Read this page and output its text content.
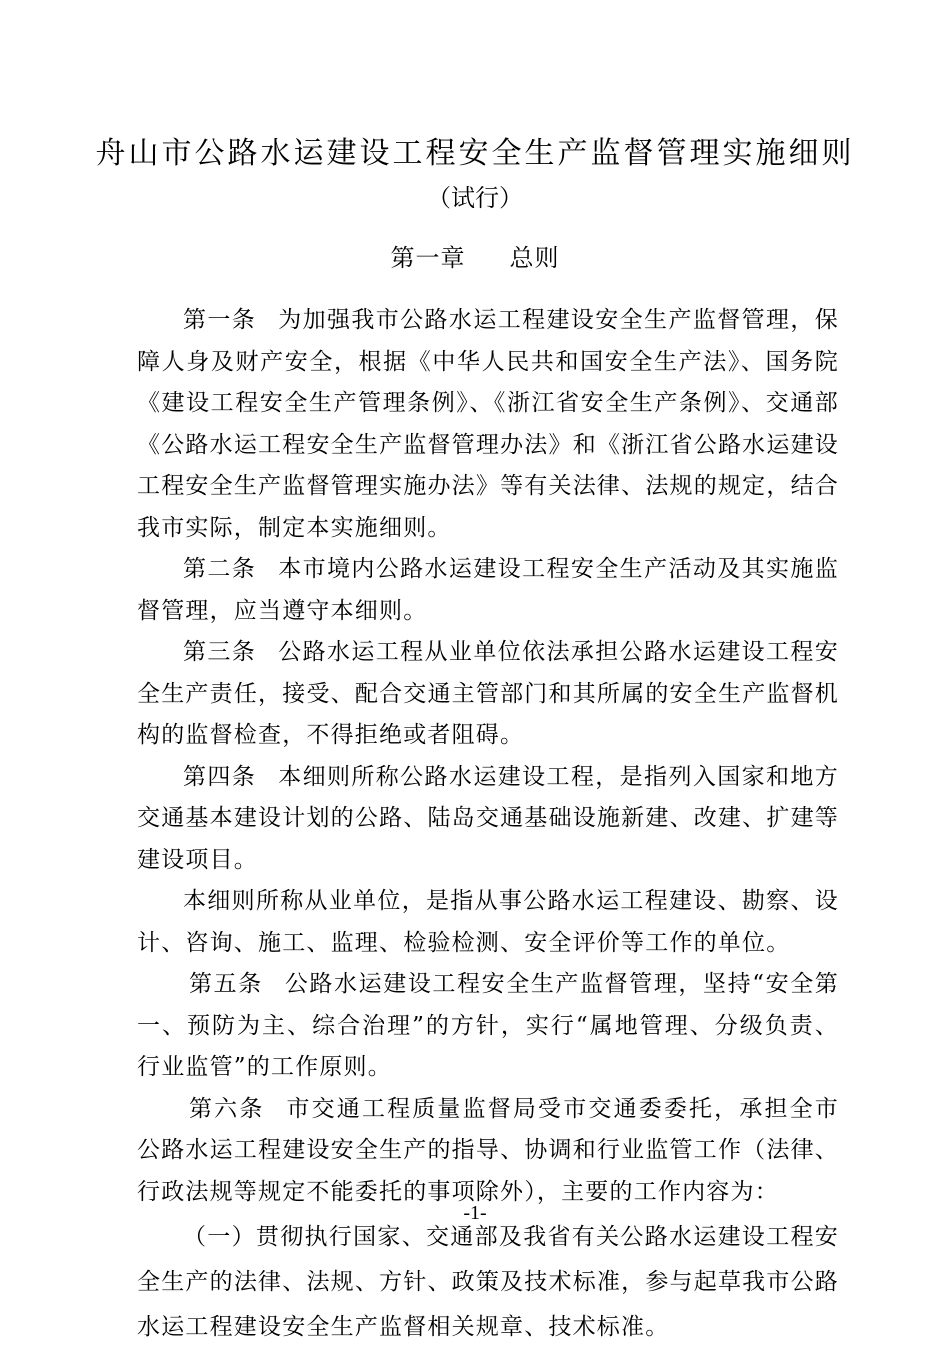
舟山市公路水运建设工程安全生产监督管理实施细则
（试行）
第一章 总则

第一条 为加强我市公路水运工程建设安全生产监督管理，保障人身及财产安全，根据《中华人民共和国安全生产法》、国务院《建设工程安全生产管理条例》、《浙江省安全生产条例》、交通部《公路水运工程安全生产监督管理办法》和《浙江省公路水运建设工程安全生产监督管理实施办法》等有关法律、法规的规定，结合我市实际，制定本实施细则。

第二条 本市境内公路水运建设工程安全生产活动及其实施监督管理，应当遵守本细则。

第三条 公路水运工程从业单位依法承担公路水运建设工程安全生产责任，接受、配合交通主管部门和其所属的安全生产监督机构的监督检查，不得拒绝或者阻碍。

第四条 本细则所称公路水运建设工程，是指列入国家和地方交通基本建设计划的公路、陆岛交通基础设施新建、改建、扩建等建设项目。

本细则所称从业单位，是指从事公路水运工程建设、勘察、设计、咨询、施工、监理、检验检测、安全评价等工作的单位。

第五条 公路水运建设工程安全生产监督管理，坚持“安全第一、预防为主、综合治理”的方针，实行“属地管理、分级负责、行业监管”的工作原则。

第六条 市交通工程质量监督局受市交通委委托，承担全市公路水运工程建设安全生产的指导、协调和行业监管工作（法律、行政法规等规定不能委托的事项除外），主要的工作内容为：

（一）贯彻执行国家、交通部及我省有关公路水运建设工程安全生产的法律、法规、方针、政策及技术标准，参与起草我市公路水运工程建设安全生产监督相关规章、技术标准。

-1-
